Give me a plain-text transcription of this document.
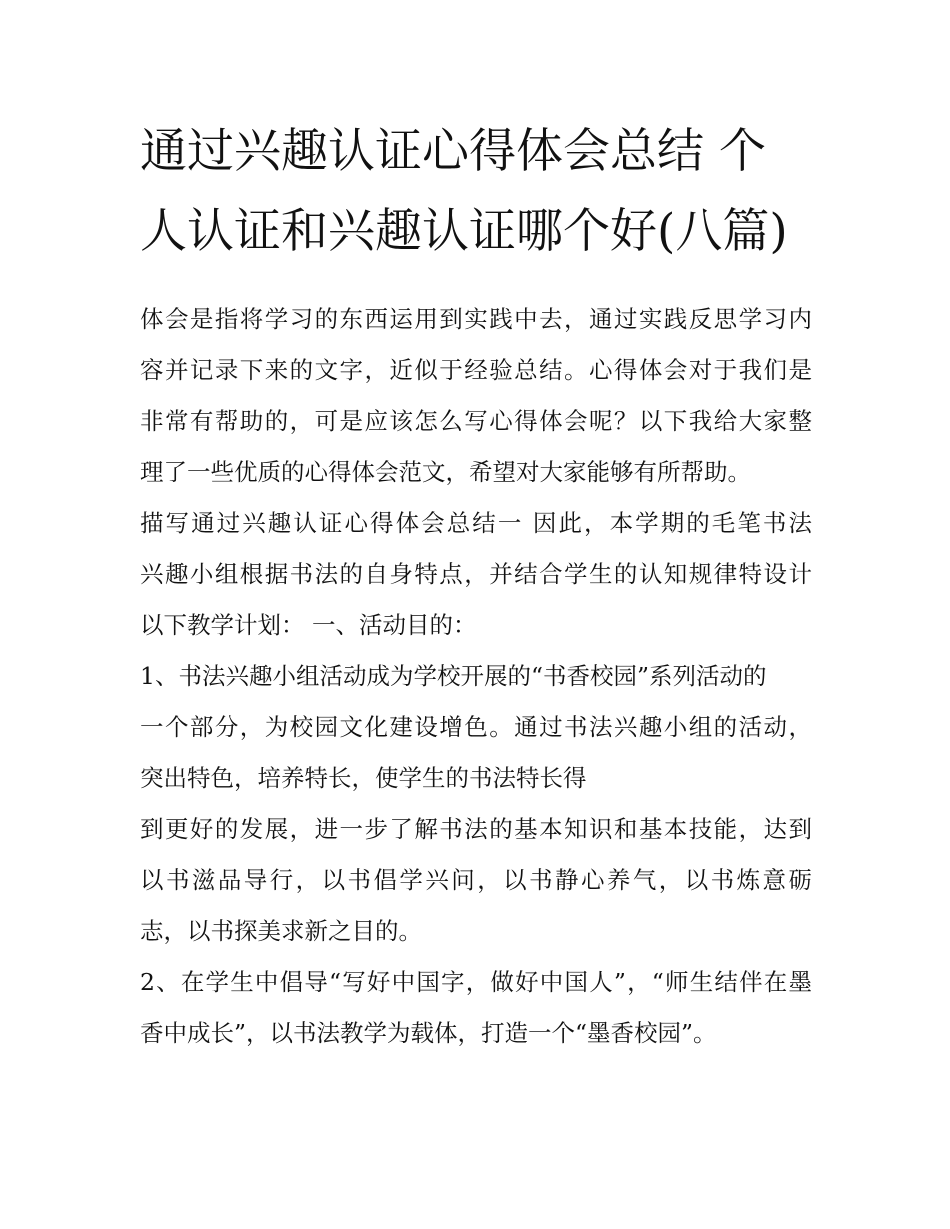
通过兴趣认证心得体会总结 个人认证和兴趣认证哪个好(八篇)
体会是指将学习的东西运用到实践中去，通过实践反思学习内
容并记录下来的文字，近似于经验总结。心得体会对于我们是
非常有帮助的，可是应该怎么写心得体会呢？以下我给大家整
理了一些优质的心得体会范文，希望对大家能够有所帮助。
描写通过兴趣认证心得体会总结一 因此，本学期的毛笔书法
兴趣小组根据书法的自身特点，并结合学生的认知规律特设计
以下教学计划： 一、活动目的：
1、书法兴趣小组活动成为学校开展的“书香校园”系列活动的
一个部分，为校园文化建设增色。通过书法兴趣小组的活动，
突出特色，培养特长，使学生的书法特长得
到更好的发展，进一步了解书法的基本知识和基本技能，达到
以书滋品导行，以书倡学兴问，以书静心养气，以书炼意砺
志，以书探美求新之目的。
2、在学生中倡导“写好中国字，做好中国人”，“师生结伴在墨
香中成长”，以书法教学为载体，打造一个“墨香校园”。
